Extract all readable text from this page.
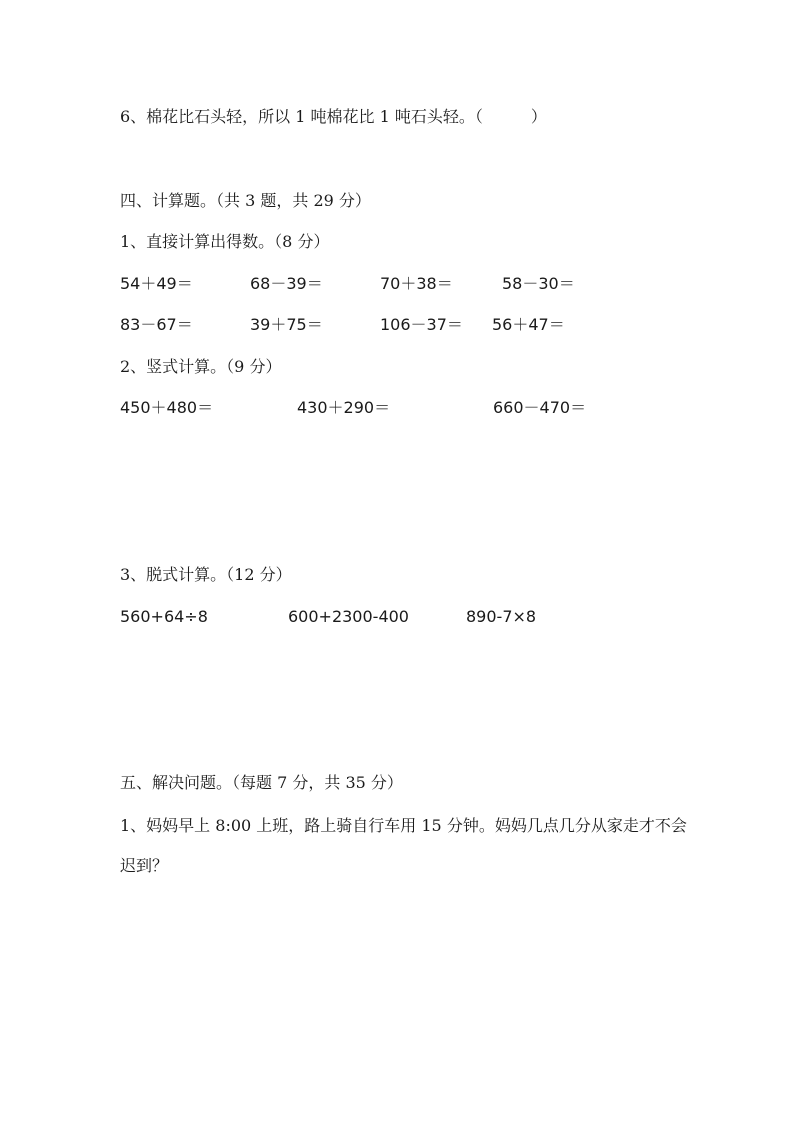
6、棉花比石头轻，所以 1 吨棉花比 1 吨石头轻。（　　　）
四、计算题。（共 3 题，共 29 分）
1、直接计算出得数。（8 分）
54＋49＝	68－39＝	70＋38＝	58－30＝
83－67＝	39＋75＝	106－37＝ 56＋47＝
2、竖式计算。（9 分）
450＋480＝	430＋290＝	660－470＝
3、脱式计算。（12 分）
560+64÷8	600+2300-400	890-7×8
五、解决问题。（每题 7 分，共 35 分）
1、妈妈早上 8:00 上班，路上骑自行车用 15 分钟。妈妈几点几分从家走才不会迟到？
